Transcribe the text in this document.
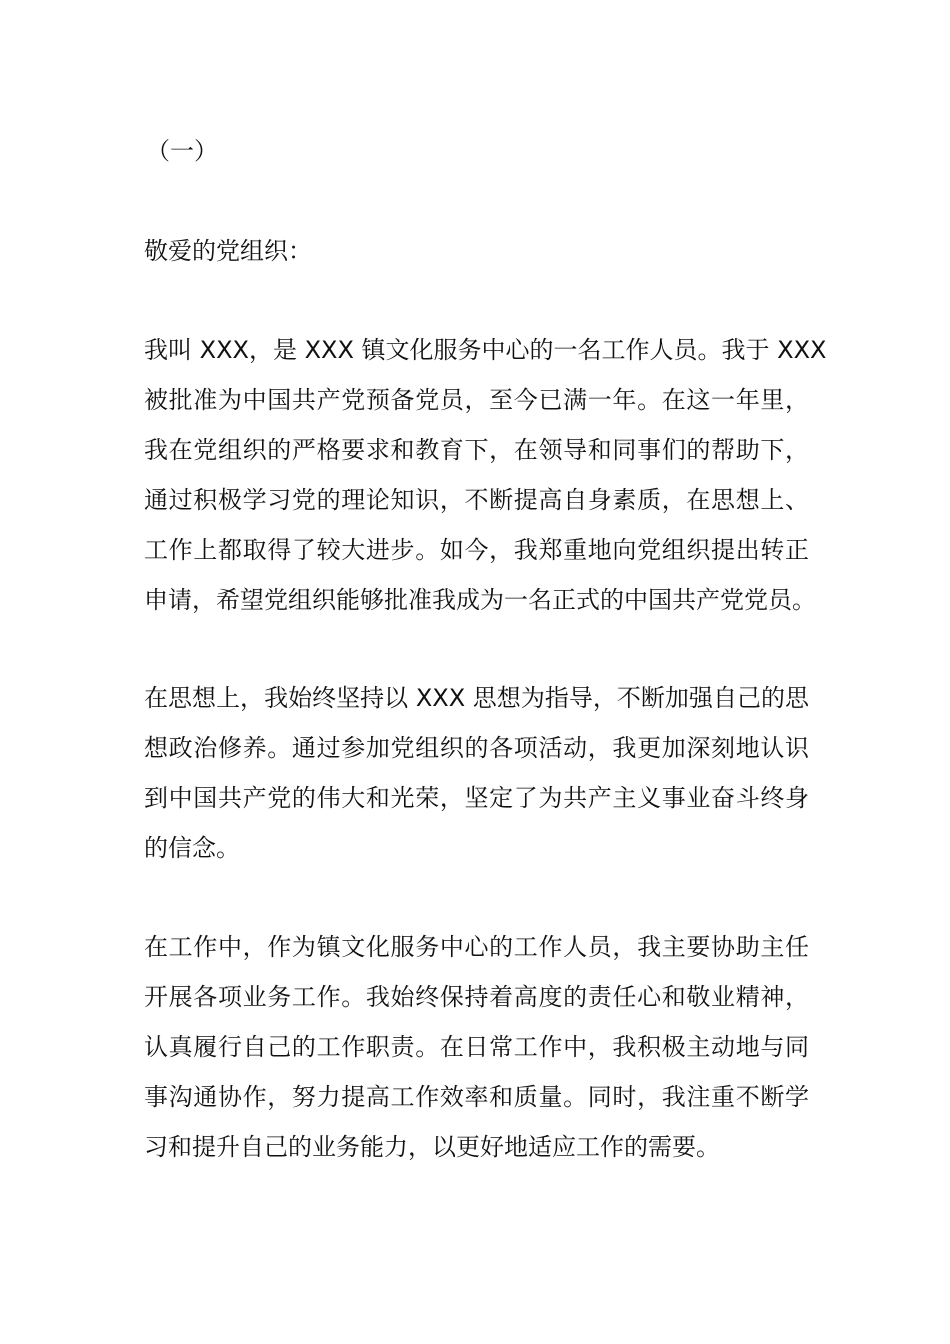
（一）

敬爱的党组织：

我叫 XXX，是 XXX 镇文化服务中心的一名工作人员。我于 XXX
被批准为中国共产党预备党员，至今已满一年。在这一年里，
我在党组织的严格要求和教育下，在领导和同事们的帮助下，
通过积极学习党的理论知识，不断提高自身素质，在思想上、
工作上都取得了较大进步。如今，我郑重地向党组织提出转正
申请，希望党组织能够批准我成为一名正式的中国共产党党员。
在思想上，我始终坚持以 XXX 思想为指导，不断加强自己的思
想政治修养。通过参加党组织的各项活动，我更加深刻地认识
到中国共产党的伟大和光荣，坚定了为共产主义事业奋斗终身
的信念。
在工作中，作为镇文化服务中心的工作人员，我主要协助主任
开展各项业务工作。我始终保持着高度的责任心和敬业精神，
认真履行自己的工作职责。在日常工作中，我积极主动地与同
事沟通协作，努力提高工作效率和质量。同时，我注重不断学
习和提升自己的业务能力，以更好地适应工作的需要。
